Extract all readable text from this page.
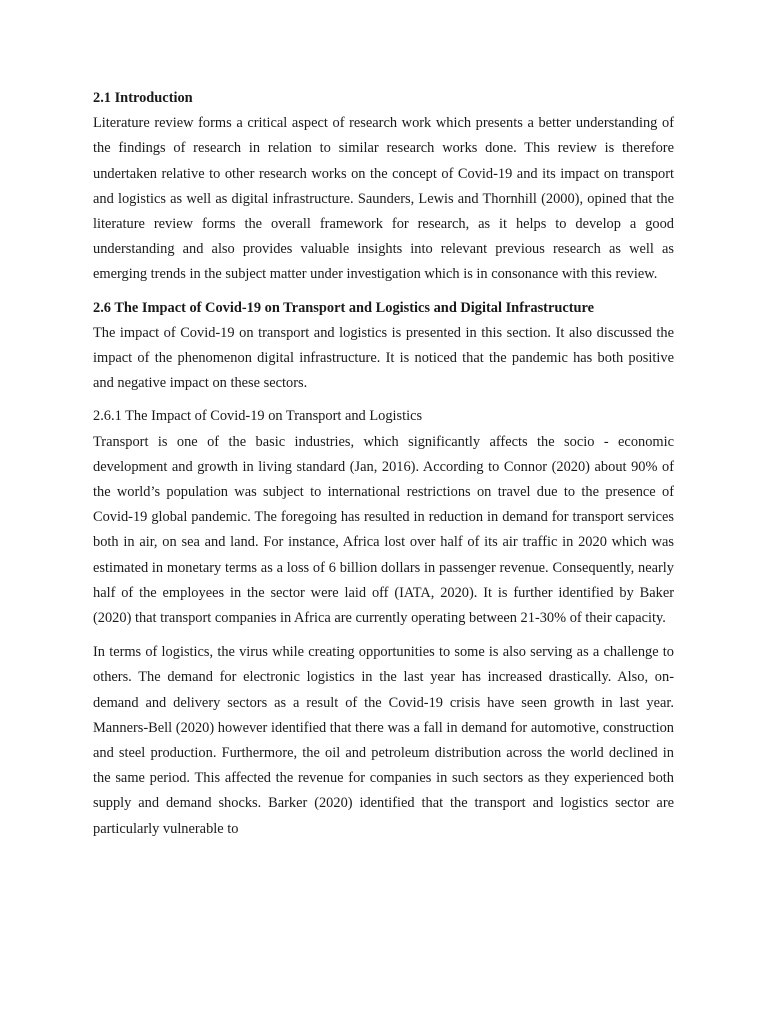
2.1 Introduction

Literature review forms a critical aspect of research work which presents a better understanding of the findings of research in relation to similar research works done. This review is therefore undertaken relative to other research works on the concept of Covid-19 and its impact on transport and logistics as well as digital infrastructure. Saunders, Lewis and Thornhill (2000), opined that the literature review forms the overall framework for research, as it helps to develop a good understanding and also provides valuable insights into relevant previous research as well as emerging trends in the subject matter under investigation which is in consonance with this review.

2.6 The Impact of Covid-19 on Transport and Logistics and Digital Infrastructure

The impact of Covid-19 on transport and logistics is presented in this section. It also discussed the impact of the phenomenon digital infrastructure. It is noticed that the pandemic has both positive and negative impact on these sectors.

2.6.1 The Impact of Covid-19 on Transport and Logistics

Transport is one of the basic industries, which significantly affects the socio - economic development and growth in living standard (Jan, 2016). According to Connor (2020) about 90% of the world’s population was subject to international restrictions on travel due to the presence of Covid-19 global pandemic. The foregoing has resulted in reduction in demand for transport services both in air, on sea and land. For instance, Africa lost over half of its air traffic in 2020 which was estimated in monetary terms as a loss of 6 billion dollars in passenger revenue. Consequently, nearly half of the employees in the sector were laid off (IATA, 2020). It is further identified by Baker (2020) that transport companies in Africa are currently operating between 21-30% of their capacity.

In terms of logistics, the virus while creating opportunities to some is also serving as a challenge to others. The demand for electronic logistics in the last year has increased drastically. Also, on-demand and delivery sectors as a result of the Covid-19 crisis have seen growth in last year. Manners-Bell (2020) however identified that there was a fall in demand for automotive, construction and steel production. Furthermore, the oil and petroleum distribution across the world declined in the same period. This affected the revenue for companies in such sectors as they experienced both supply and demand shocks. Barker (2020) identified that the transport and logistics sector are particularly vulnerable to
